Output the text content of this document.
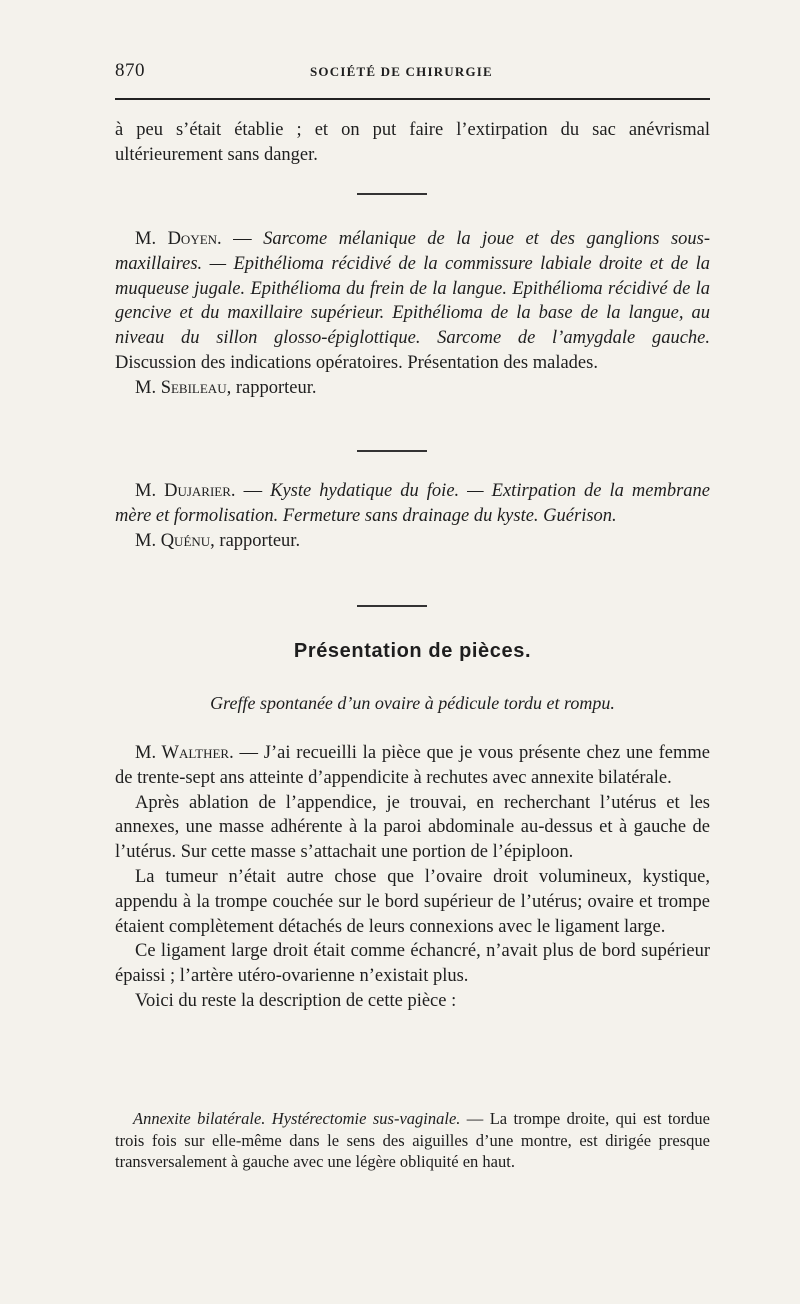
870	SOCIÉTÉ DE CHIRURGIE

à peu s’était établie ; et on put faire l’extirpation du sac anévrismal ultérieurement sans danger.

M. Doyen. — Sarcome mélanique de la joue et des ganglions sous-maxillaires. — Epithélioma récidivé de la commissure labiale droite et de la muqueuse jugale. Epithélioma du frein de la langue. Epithélioma récidivé de la gencive et du maxillaire supérieur. Epithélioma de la base de la langue, au niveau du sillon glosso-épiglottique. Sarcome de l’amygdale gauche. Discussion des indications opératoires. Présentation des malades.

M. Sebileau, rapporteur.

M. Dujarier. — Kyste hydatique du foie. — Extirpation de la membrane mère et formolisation. Fermeture sans drainage du kyste. Guérison.

M. Quénu, rapporteur.

Présentation de pièces.
Greffe spontanée d’un ovaire à pédicule tordu et rompu.

M. Walther. — J’ai recueilli la pièce que je vous présente chez une femme de trente-sept ans atteinte d’appendicite à rechutes avec annexite bilatérale.

Après ablation de l’appendice, je trouvai, en recherchant l’utérus et les annexes, une masse adhérente à la paroi abdominale au-dessus et à gauche de l’utérus. Sur cette masse s’attachait une portion de l’épiploon.

La tumeur n’était autre chose que l’ovaire droit volumineux, kystique, appendu à la trompe couchée sur le bord supérieur de l’utérus; ovaire et trompe étaient complètement détachés de leurs connexions avec le ligament large.

Ce ligament large droit était comme échancré, n’avait plus de bord supérieur épaissi ; l’artère utéro-ovarienne n’existait plus.

Voici du reste la description de cette pièce :

Annexite bilatérale. Hystérectomie sus-vaginale. — La trompe droite, qui est tordue trois fois sur elle-même dans le sens des aiguilles d’une montre, est dirigée presque transversalement à gauche avec une légère obliquité en haut.
